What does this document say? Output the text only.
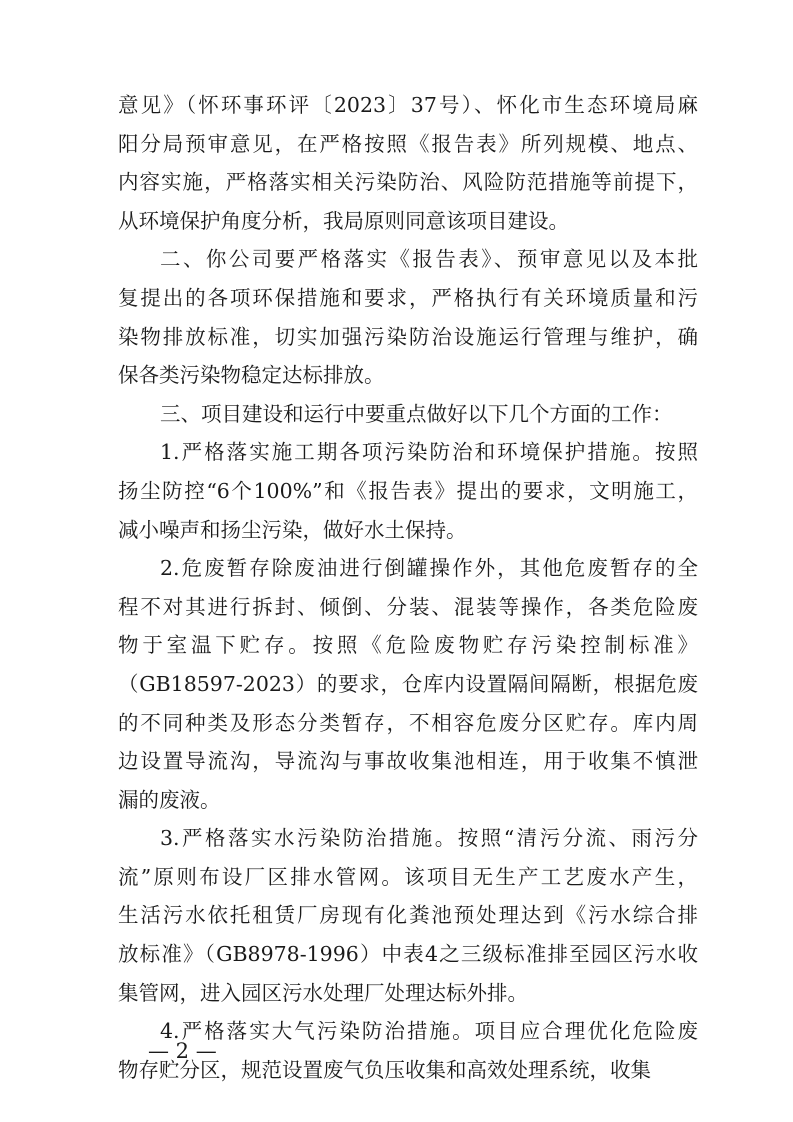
意见》（怀环事环评〔2023〕37号）、怀化市生态环境局麻
阳分局预审意见，在严格按照《报告表》所列规模、地点、
内容实施，严格落实相关污染防治、风险防范措施等前提下，
从环境保护角度分析，我局原则同意该项目建设。
二、你公司要严格落实《报告表》、预审意见以及本批
复提出的各项环保措施和要求，严格执行有关环境质量和污
染物排放标准，切实加强污染防治设施运行管理与维护，确
保各类污染物稳定达标排放。
三、项目建设和运行中要重点做好以下几个方面的工作：
1.严格落实施工期各项污染防治和环境保护措施。按照
扬尘防控“6个100%”和《报告表》提出的要求，文明施工，
减小噪声和扬尘污染，做好水土保持。
2.危废暂存除废油进行倒罐操作外，其他危废暂存的全
程不对其进行拆封、倾倒、分装、混装等操作，各类危险废
物于室温下贮存。按照《危险废物贮存污染控制标准》
（GB18597-2023）的要求，仓库内设置隔间隔断，根据危废
的不同种类及形态分类暂存，不相容危废分区贮存。库内周
边设置导流沟，导流沟与事故收集池相连，用于收集不慎泄
漏的废液。
3.严格落实水污染防治措施。按照“清污分流、雨污分
流”原则布设厂区排水管网。该项目无生产工艺废水产生，
生活污水依托租赁厂房现有化粪池预处理达到《污水综合排
放标准》（GB8978-1996）中表4之三级标准排至园区污水收
集管网，进入园区污水处理厂处理达标外排。
4.严格落实大气污染防治措施。项目应合理优化危险废
物存贮分区，规范设置废气负压收集和高效处理系统，收集
— 2 —
